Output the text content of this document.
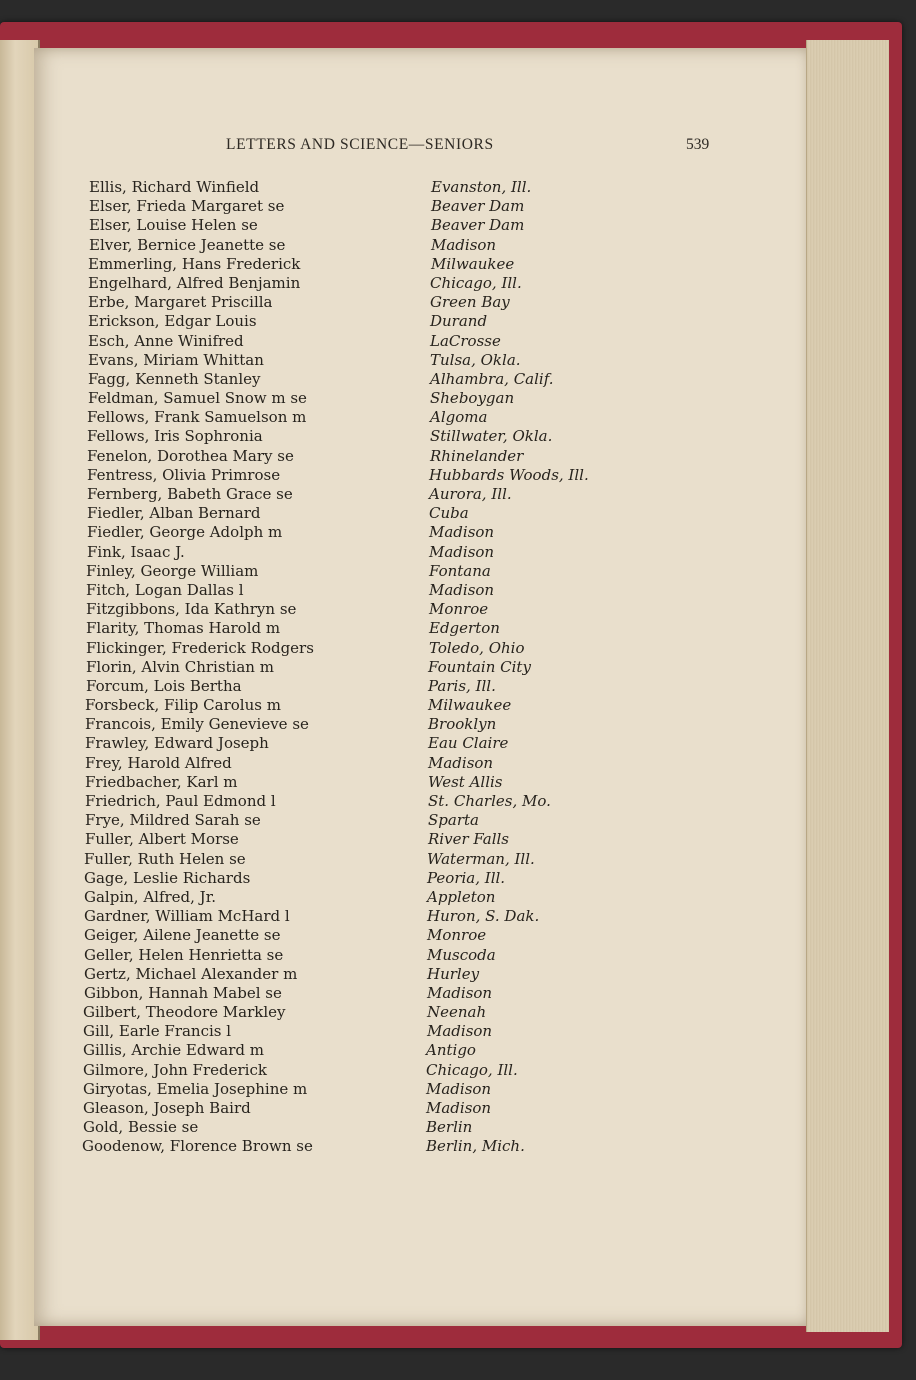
LETTERS AND SCIENCE—SENIORS	539
Ellis, Richard Winfield	Evanston, Ill.
Elser, Frieda Margaret se	Beaver Dam
Elser, Louise Helen se	Beaver Dam
Elver, Bernice Jeanette se	Madison
Emmerling, Hans Frederick	Milwaukee
Engelhard, Alfred Benjamin	Chicago, Ill.
Erbe, Margaret Priscilla	Green Bay
Erickson, Edgar Louis	Durand
Esch, Anne Winifred	LaCrosse
Evans, Miriam Whittan	Tulsa, Okla.
Fagg, Kenneth Stanley	Alhambra, Calif.
Feldman, Samuel Snow m se	Sheboygan
Fellows, Frank Samuelson m	Algoma
Fellows, Iris Sophronia	Stillwater, Okla.
Fenelon, Dorothea Mary se	Rhinelander
Fentress, Olivia Primrose	Hubbards Woods, Ill.
Fernberg, Babeth Grace se	Aurora, Ill.
Fiedler, Alban Bernard	Cuba
Fiedler, George Adolph m	Madison
Fink, Isaac J.	Madison
Finley, George William	Fontana
Fitch, Logan Dallas l	Madison
Fitzgibbons, Ida Kathryn se	Monroe
Flarity, Thomas Harold m	Edgerton
Flickinger, Frederick Rodgers	Toledo, Ohio
Florin, Alvin Christian m	Fountain City
Forcum, Lois Bertha	Paris, Ill.
Forsbeck, Filip Carolus m	Milwaukee
Francois, Emily Genevieve se	Brooklyn
Frawley, Edward Joseph	Eau Claire
Frey, Harold Alfred	Madison
Friedbacher, Karl m	West Allis
Friedrich, Paul Edmond l	St. Charles, Mo.
Frye, Mildred Sarah se	Sparta
Fuller, Albert Morse	River Falls
Fuller, Ruth Helen se	Waterman, Ill.
Gage, Leslie Richards	Peoria, Ill.
Galpin, Alfred, Jr.	Appleton
Gardner, William McHard l	Huron, S. Dak.
Geiger, Ailene Jeanette se	Monroe
Geller, Helen Henrietta se	Muscoda
Gertz, Michael Alexander m	Hurley
Gibbon, Hannah Mabel se	Madison
Gilbert, Theodore Markley	Neenah
Gill, Earle Francis l	Madison
Gillis, Archie Edward m	Antigo
Gilmore, John Frederick	Chicago, Ill.
Giryotas, Emelia Josephine m	Madison
Gleason, Joseph Baird	Madison
Gold, Bessie se	Berlin
Goodenow, Florence Brown se	Berlin, Mich.
